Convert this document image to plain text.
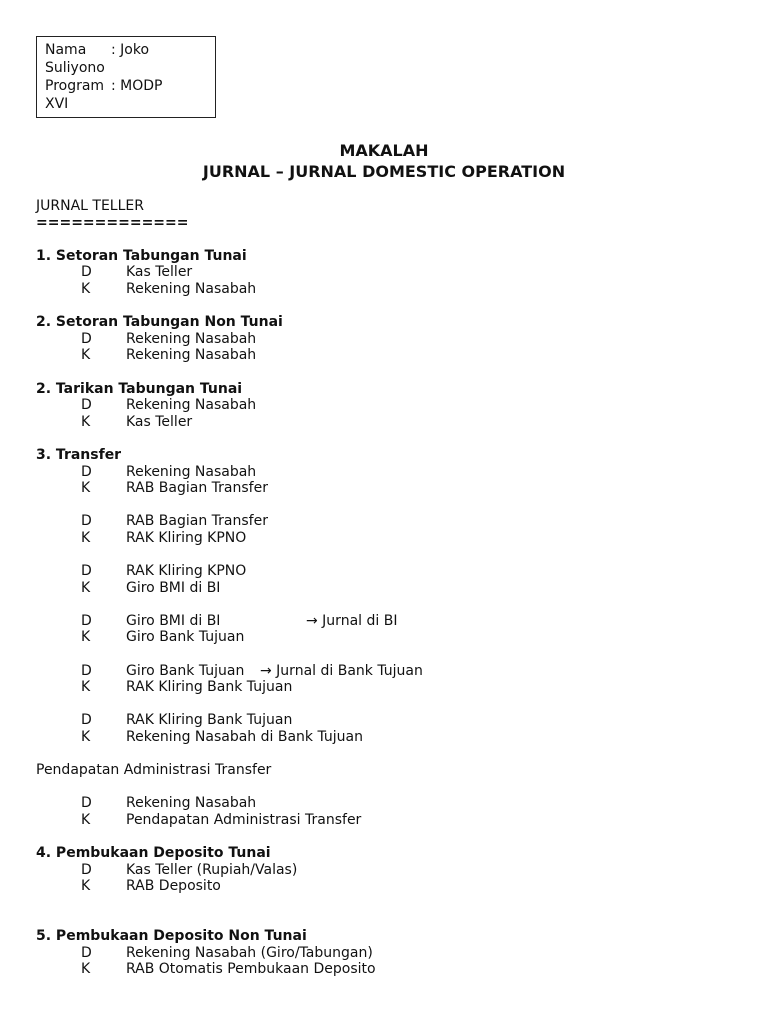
Nama : Joko
Suliyono
Program : MODP
XVI
MAKALAH
JURNAL – JURNAL DOMESTIC OPERATION
JURNAL TELLER
=============
1. Setoran Tabungan Tunai
D Kas Teller
K	Rekening Nasabah
2. Setoran Tabungan Non Tunai
D Rekening Nasabah
K	Rekening Nasabah
2. Tarikan Tabungan Tunai
D Rekening Nasabah
K	Kas Teller
3. Transfer
D Rekening Nasabah
K	RAB Bagian Transfer
D RAB Bagian Transfer
K	RAK Kliring KPNO
D RAK Kliring KPNO
K	Giro BMI di BI
D Giro BMI di BI	→ Jurnal di BI
K	Giro Bank Tujuan
D Giro Bank Tujuan → Jurnal di Bank Tujuan
K	RAK Kliring Bank Tujuan
D RAK Kliring Bank Tujuan
K	Rekening Nasabah di Bank Tujuan
Pendapatan Administrasi Transfer
D Rekening Nasabah
K	Pendapatan Administrasi Transfer
4. Pembukaan Deposito Tunai
D Kas Teller (Rupiah/Valas)
K	RAB Deposito
5. Pembukaan Deposito Non Tunai
D Rekening Nasabah (Giro/Tabungan)
K	RAB Otomatis Pembukaan Deposito
